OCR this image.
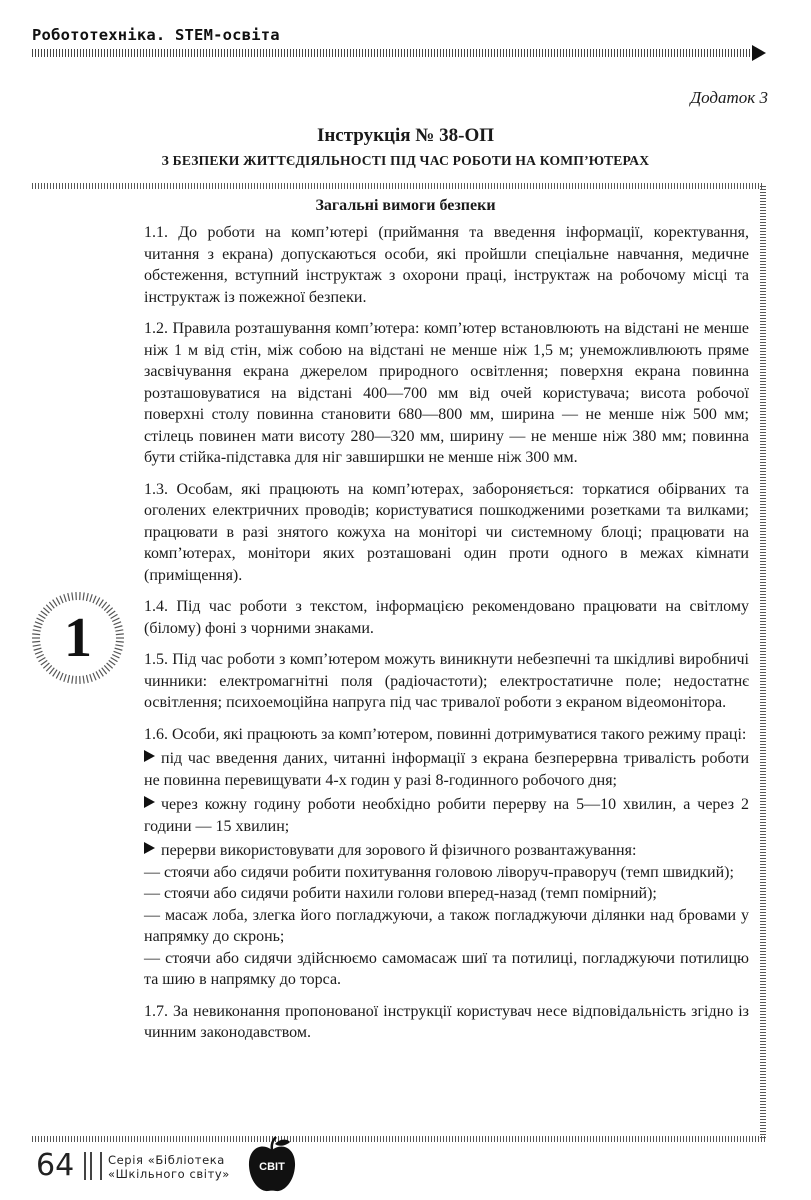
Робототехніка. STEM-освіта
Додаток 3
Інструкція № 38-ОП
З БЕЗПЕКИ ЖИТТЄДІЯЛЬНОСТІ ПІД ЧАС РОБОТИ НА КОМП’ЮТЕРАХ
Загальні вимоги безпеки

1.1. До роботи на комп’ютері (приймання та введення інформації, коректування, читання з екрана) допускаються особи, які пройшли спеціальне навчання, медичне обстеження, вступний інструктаж з охорони праці, інструктаж на робочому місці та інструктаж із пожежної безпеки.

1.2. Правила розташування комп’ютера: комп’ютер встановлюють на відстані не менше ніж 1 м від стін, між собою на відстані не менше ніж 1,5 м; унеможливлюють пряме засвічування екрана джерелом природного освітлення; поверхня екрана повинна розташовуватися на відстані 400—700 мм від очей користувача; висота робочої поверхні столу повинна становити 680—800 мм, ширина — не менше ніж 500 мм; стілець повинен мати висоту 280—320 мм, ширину — не менше ніж 380 мм; повинна бути стійка-підставка для ніг завширшки не менше ніж 300 мм.

1.3. Особам, які працюють на комп’ютерах, забороняється: торкатися обірваних та оголених електричних проводів; користуватися пошкодженими розетками та вилками; працювати в разі знятого кожуха на моніторі чи системному блоці; працювати на комп’ютерах, монітори яких розташовані один проти одного в межах кімнати (приміщення).

1.4. Під час роботи з текстом, інформацією рекомендовано працювати на світлому (білому) фоні з чорними знаками.

1.5. Під час роботи з комп’ютером можуть виникнути небезпечні та шкідливі виробничі чинники: електромагнітні поля (радіочастоти); електростатичне поле; недостатнє освітлення; психоемоційна напруга під час тривалої роботи з екраном відеомонітора.

1.6. Особи, які працюють за комп’ютером, повинні дотримуватися такого режиму праці:

під час введення даних, читанні інформації з екрана безперервна тривалість роботи не повинна перевищувати 4-х годин у разі 8-годинного робочого дня;

через кожну годину роботи необхідно робити перерву на 5—10 хвилин, а через 2 години — 15 хвилин;

перерви використовувати для зорового й фізичного розвантажування:

— стоячи або сидячи робити похитування головою ліворуч-праворуч (темп швидкий);

— стоячи або сидячи робити нахили голови вперед-назад (темп помірний);

— масаж лоба, злегка його погладжуючи, а також погладжуючи ділянки над бровами у напрямку до скронь;

— стоячи або сидячи здійснюємо самомасаж шиї та потилиці, погладжуючи потилицю та шию в напрямку до торса.

1.7. За невиконання пропонованої інструкції користувач несе відповідальність згідно із чинним законодавством.

1
64	Серія «Бібліотека
«Шкільного світу»	СВІТ
